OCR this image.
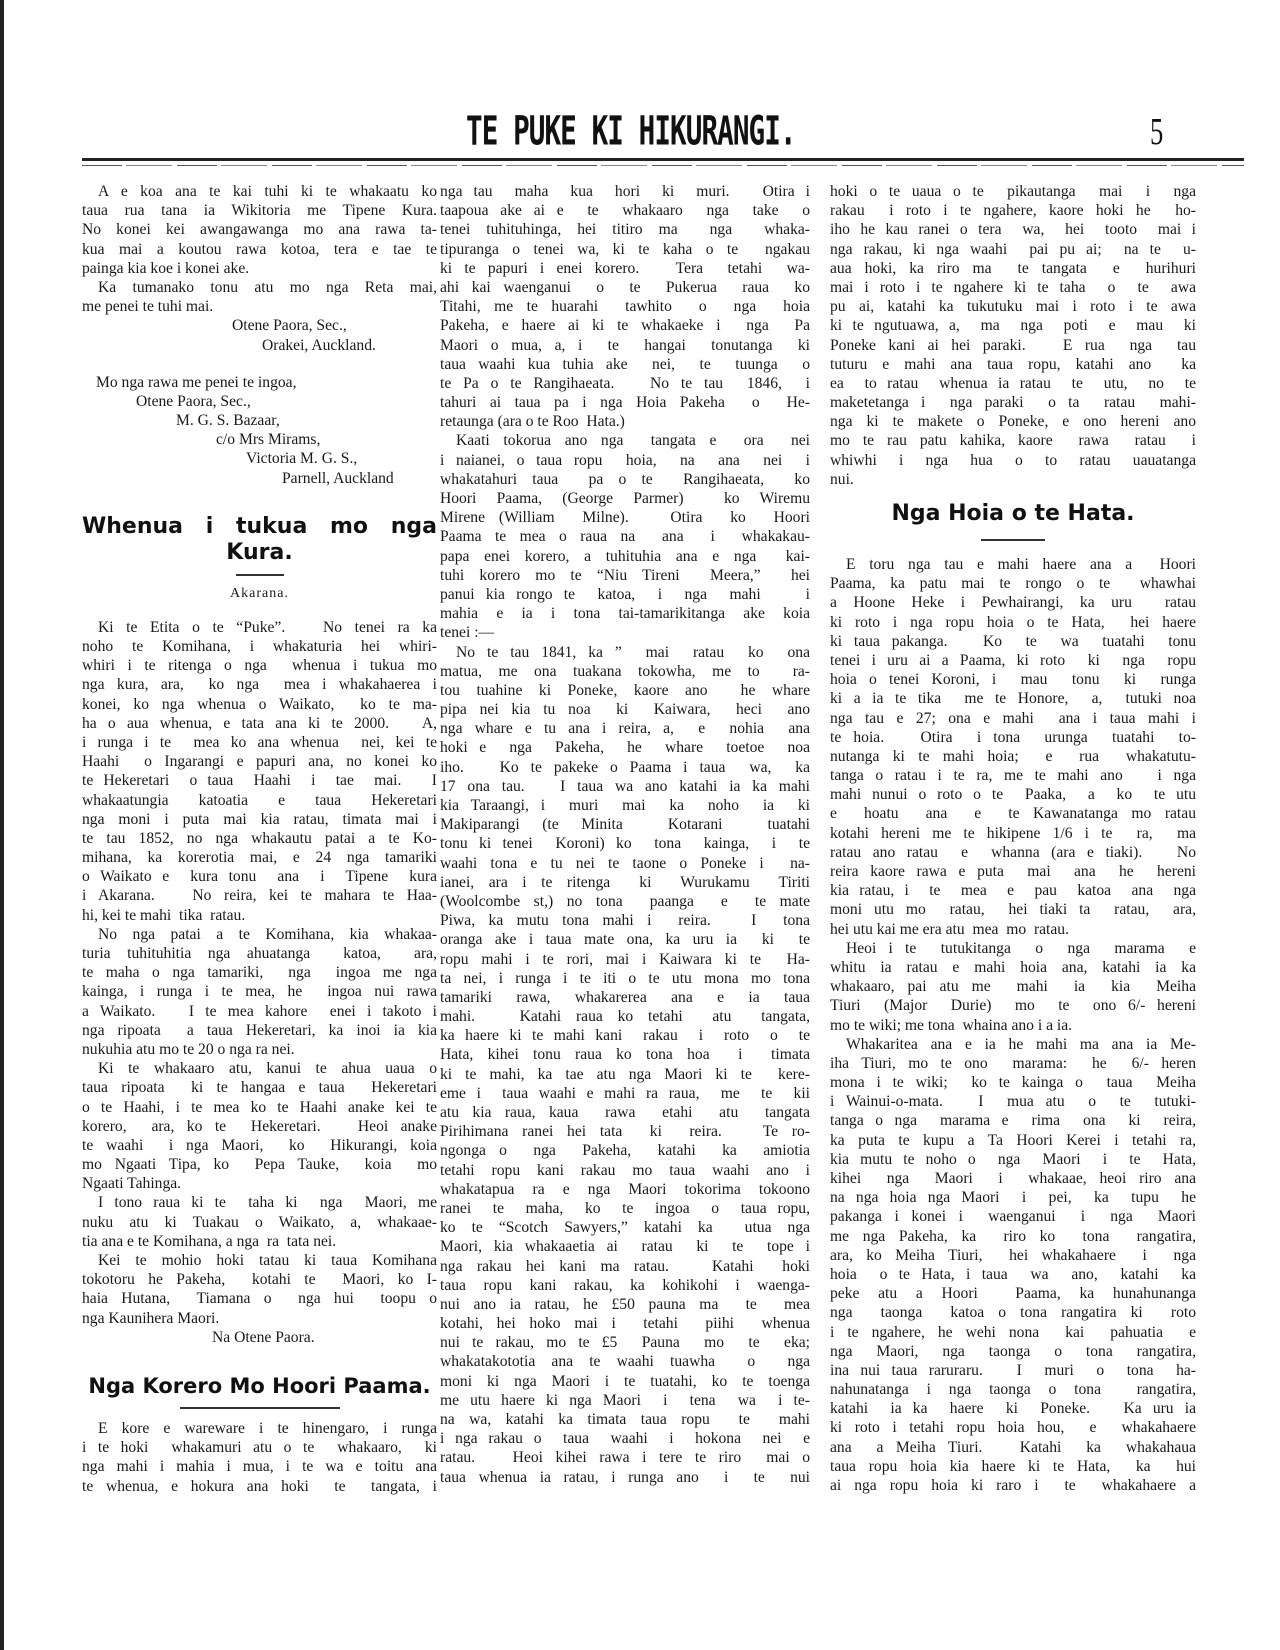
TE PUKE KI HIKURANGI.	5
A e koa ana te kai tuhi ki te whakaatu ko
taua rua tana ia Wikitoria me Tipene Kura.
No konei kei awangawanga mo ana rawa ta-
kua mai a koutou rawa kotoa, tera e tae te
painga kia koe i konei ake.
Ka tumanako tonu atu mo nga Reta mai,
me penei te tuhi mai.
Otene Paora, Sec.,
Orakei, Auckland.
Mo nga rawa me penei te ingoa,
Otene Paora, Sec.,
M. G. S. Bazaar,
c/o Mrs Mirams,
Victoria M. G. S.,
Parnell, Auckland
Whenua i tukua mo nga
Kura.
Akarana.
Ki te Etita o te “Puke”.   No tenei ra ka
noho te Komihana, i whakaturia hei whiri-
whiri i te ritenga o nga  whenua i tukua mo
nga kura, ara,  ko nga  mea i whakahaerea i
konei, ko nga whenua o Waikato,  ko te ma-
ha o aua whenua, e tata ana ki te 2000.   A,
i runga i te  mea ko ana whenua  nei, kei te
Haahi  o Ingarangi e papuri ana, no konei ko
te Hekeretari  o taua  Haahi  i  tae  mai.   I
whakaatungia  katoatia  e  taua  Hekeretari
nga moni i puta mai kia ratau, timata mai i
te tau 1852, no nga whakautu patai a te Ko-
mihana, ka korerotia mai, e 24 nga tamariki
o Waikato e  kura tonu  ana  i  Tipene  kura
i Akarana.   No reira, kei te mahara te Haa-
hi, kei te mahi  tika  ratau.
No nga patai a te Komihana, kia whakaa-
turia tuhituhitia nga ahuatanga  katoa,  ara,
te maha o nga tamariki,  nga  ingoa me nga
kainga, i runga i te mea, he  ingoa nui rawa
a Waikato.   I te mea kahore  enei i takoto i
nga ripoata  a taua Hekeretari, ka inoi ia kia
nukuhia atu mo te 20 o nga ra nei.
Ki te whakaaro atu, kanui te ahua uaua o
taua ripoata  ki te hangaa e taua  Hekeretari
o te Haahi, i te mea ko te Haahi anake kei te
korero,  ara, ko te  Hekeretari.   Heoi anake
te waahi  i nga Maori,  ko  Hikurangi, koia
mo Ngaati Tipa, ko  Pepa Tauke,  koia  mo
Ngaati Tahinga.
I tono raua ki te  taha ki  nga  Maori, me
nuku atu ki Tuakau o Waikato, a, whakaae-
tia ana e te Komihana, a nga  ra  tata nei.
Kei te mohio hoki tatau ki taua Komihana
tokotoru he Pakeha,  kotahi te  Maori, ko I-
haia Hutana,  Tiamana o  nga hui  toopu o
nga Kaunihera Maori.
Na Otene Paora.
Nga Korero Mo Hoori Paama.
E kore e wareware i te hinengaro, i runga
i te hoki  whakamuri atu o te  whakaaro,  ki
nga mahi i mahia i mua, i te wa e toitu ana
te whenua, e hokura ana hoki  te  tangata, i
nga tau  maha  kua  hori  ki  muri.   Otira i
taapoua ake ai e  te  whakaaro  nga  take  o
tenei tuhituhinga, hei titiro ma  nga  whaka-
tipuranga o tenei wa, ki te kaha o te  ngakau
ki te papuri i enei korero.   Tera  tetahi  wa-
ahi kai waenganui  o  te  Pukerua  raua  ko
Titahi, me te huarahi  tawhito  o  nga  hoia
Pakeha, e haere ai ki te whakaeke i  nga  Pa
Maori o mua, a, i  te  hangai  tonutanga  ki
taua waahi kua tuhia ake  nei,  te  tuunga  o
te Pa o te Rangihaeata.   No te tau  1846,  i
tahuri ai taua pa i nga Hoia Pakeha  o  He-
retaunga (ara o te Roo  Hata.)
Kaati tokorua ano nga  tangata e  ora  nei
i naianei, o taua ropu  hoia,  na  ana  nei  i
whakatahuri taua  pa o te  Rangihaeata,  ko
Hoori Paama, (George Parmer)  ko Wiremu
Mirene (William  Milne).   Otira  ko  Hoori
Paama te mea o raua na  ana  i  whakakau-
papa enei korero, a tuhituhia ana e nga  kai-
tuhi korero mo te “Niu Tireni  Meera,”  hei
panui kia rongo te  katoa,  i  nga  mahi    i
mahia e ia i tona tai-tamarikitanga ake koia
tenei :—
No te tau 1841, ka ”  mai  ratau  ko  ona
matua, me ona tuakana tokowha, me to  ra-
tou tuahine ki Poneke, kaore ano  he whare
pipa nei kia tu noa  ki  Kaiwara,  heci  ano
nga whare e tu ana i reira, a,  e  nohia  ana
hoki e  nga  Pakeha,  he  whare  toetoe  noa
iho.   Ko te pakeke o Paama i taua  wa,  ka
17 ona tau.   I taua wa ano katahi ia ka mahi
kia Taraangi, i  muri  mai  ka  noho  ia  ki
Makiparangi (te Minita  Kotarani  tuatahi
tonu ki tenei  Koroni) ko  tona  kainga,  i  te
waahi tona e tu nei te taone o Poneke i  na-
ianei, ara i te ritenga  ki  Wurukamu  Tiriti
(Woolcombe st,) no tona  paanga  e  te mate
Piwa, ka mutu tona mahi i  reira.   I  tona
oranga ake i taua mate ona, ka uru ia  ki  te
ropu mahi i te rori, mai i Kaiwara ki te  Ha-
ta nei, i runga i te iti o te utu mona mo tona
tamariki  rawa,  whakarerea  ana  e  ia  taua
mahi.   Katahi raua ko tetahi  atu  tangata,
ka haere ki te mahi kani  rakau  i  roto  o  te
Hata, kihei tonu raua ko tona hoa  i  timata
ki te mahi, ka tae atu nga Maori ki te  kere-
eme i  taua waahi e mahi ra raua,  me  te  kii
atu kia raua, kaua  rawa  etahi  atu  tangata
Pirihimana ranei hei tata  ki  reira.   Te ro-
ngonga o  nga  Pakeha,  katahi  ka  amiotia
tetahi ropu kani rakau mo taua waahi ano i
whakatapua ra e nga Maori tokorima tokoono
ranei  te  maha,  ko  te  ingoa  o  taua ropu,
ko te “Scotch Sawyers,” katahi ka  utua nga
Maori, kia whakaaetia ai  ratau  ki  te  tope i
nga rakau hei kani ma ratau.   Katahi  hoki
taua ropu kani rakau, ka kohikohi i waenga-
nui ano ia ratau, he £50 pauna ma  te  mea
kotahi, hei hoko mai i  tetahi  piihi  whenua
nui te rakau, mo te £5  Pauna  mo  te  eka;
whakatakototia ana te waahi tuawha  o  nga
moni ki nga Maori i te tuatahi, ko te toenga
me utu haere ki nga Maori  i  tena  wa  i te-
na wa, katahi ka timata taua ropu  te  mahi
i nga rakau o  taua  waahi  i  hokona  nei  e
ratau.   Heoi kihei rawa i tere te riro  mai o
taua whenua ia ratau, i runga ano  i  te  nui
hoki o te uaua o te  pikautanga  mai  i  nga
rakau  i roto i te ngahere, kaore hoki he  ho-
iho he kau ranei o tera  wa,  hei  tooto  mai i
nga rakau, ki nga waahi  pai pu ai;  na te  u-
aua hoki, ka riro ma  te tangata  e  hurihuri
mai i roto i te ngahere ki te taha  o  te  awa
pu ai, katahi ka tukutuku mai i roto i te awa
ki te ngutuawa, a,  ma  nga  poti  e  mau  ki
Poneke kani ai hei paraki.   E rua  nga  tau
tuturu e mahi ana taua ropu, katahi ano  ka
ea  to ratau  whenua ia ratau  te  utu,  no  te
maketetanga i  nga paraki  o ta  ratau  mahi-
nga ki te makete o Poneke, e ono hereni ano
mo te rau patu kahika, kaore  rawa  ratau  i
whiwhi  i  nga  hua  o  to  ratau  uauatanga
nui.
Nga Hoia o te Hata.
E toru nga tau e mahi haere ana a  Hoori
Paama, ka patu mai te rongo o te  whawhai
a Hoone Heke i Pewhairangi, ka uru  ratau
ki roto i nga ropu hoia o te Hata,  hei haere
ki taua pakanga.   Ko  te  wa  tuatahi  tonu
tenei i uru ai a Paama, ki roto  ki  nga  ropu
hoia o tenei Koroni, i  mau  tonu  ki  runga
ki a ia te tika  me te Honore,  a,  tutuki noa
nga tau e 27; ona e mahi  ana i taua mahi i
te hoia.   Otira  i tona  urunga  tuatahi  to-
nutanga ki te mahi hoia;  e  rua  whakatutu-
tanga o ratau i te ra, me te mahi ano   i nga
mahi nunui o roto o te  Paaka,  a  ko  te utu
e  hoatu  ana  e  te Kawanatanga mo ratau
kotahi hereni me te hikipene 1/6 i te  ra,  ma
ratau ano ratau  e  whanna (ara e tiaki).   No
reira kaore rawa e puta  mai  ana  he  hereni
kia ratau, i  te  mea  e  pau  katoa  ana  nga
moni utu mo  ratau,  hei tiaki ta  ratau,  ara,
hei utu kai me era atu  mea  mo  ratau.
Heoi i te  tutukitanga  o  nga  marama  e
whitu ia ratau e mahi hoia ana, katahi ia ka
whakaaro, pai atu me  mahi  ia  kia  Meiha
Tiuri  (Major  Durie)  mo  te  ono 6/- hereni
mo te wiki; me tona  whaina ano i a ia.
Whakaritea ana e ia he mahi ma ana ia Me-
iha Tiuri, mo te ono  marama:  he  6/- heren
mona i te wiki;  ko te kainga o  taua  Meiha
i Wainui-o-mata.   I  mua atu  o  te  tutuki-
tanga o nga  marama e  rima  ona  ki  reira,
ka puta te kupu a Ta Hoori Kerei i tetahi ra,
kia mutu te noho o  nga  Maori  i  te  Hata,
kihei  nga  Maori  i  whakaae, heoi riro ana
na nga hoia nga Maori  i  pei,  ka  tupu  he
pakanga i konei i  waenganui  i  nga  Maori
me nga Pakeha, ka  riro ko  tona  rangatira,
ara, ko Meiha Tiuri,  hei whakahaere  i  nga
hoia  o te Hata, i taua  wa  ano,  katahi  ka
peke atu a Hoori  Paama, ka hunahunanga
nga  taonga  katoa o tona rangatira ki  roto
i te ngahere, he wehi nona  kai  pahuatia  e
nga  Maori,  nga  taonga  o  tona  rangatira,
ina nui taua raruraru.   I  muri  o  tona  ha-
nahunatanga i nga taonga o tona  rangatira,
katahi  ia ka  haere  ki  Poneke.   Ka uru ia
ki roto i tetahi ropu hoia hou,  e  whakahaere
ana  a Meiha Tiuri.   Katahi  ka  whakahaua
taua ropu hoia kia haere ki te Hata,  ka  hui
ai nga ropu hoia ki raro i  te  whakahaere a
